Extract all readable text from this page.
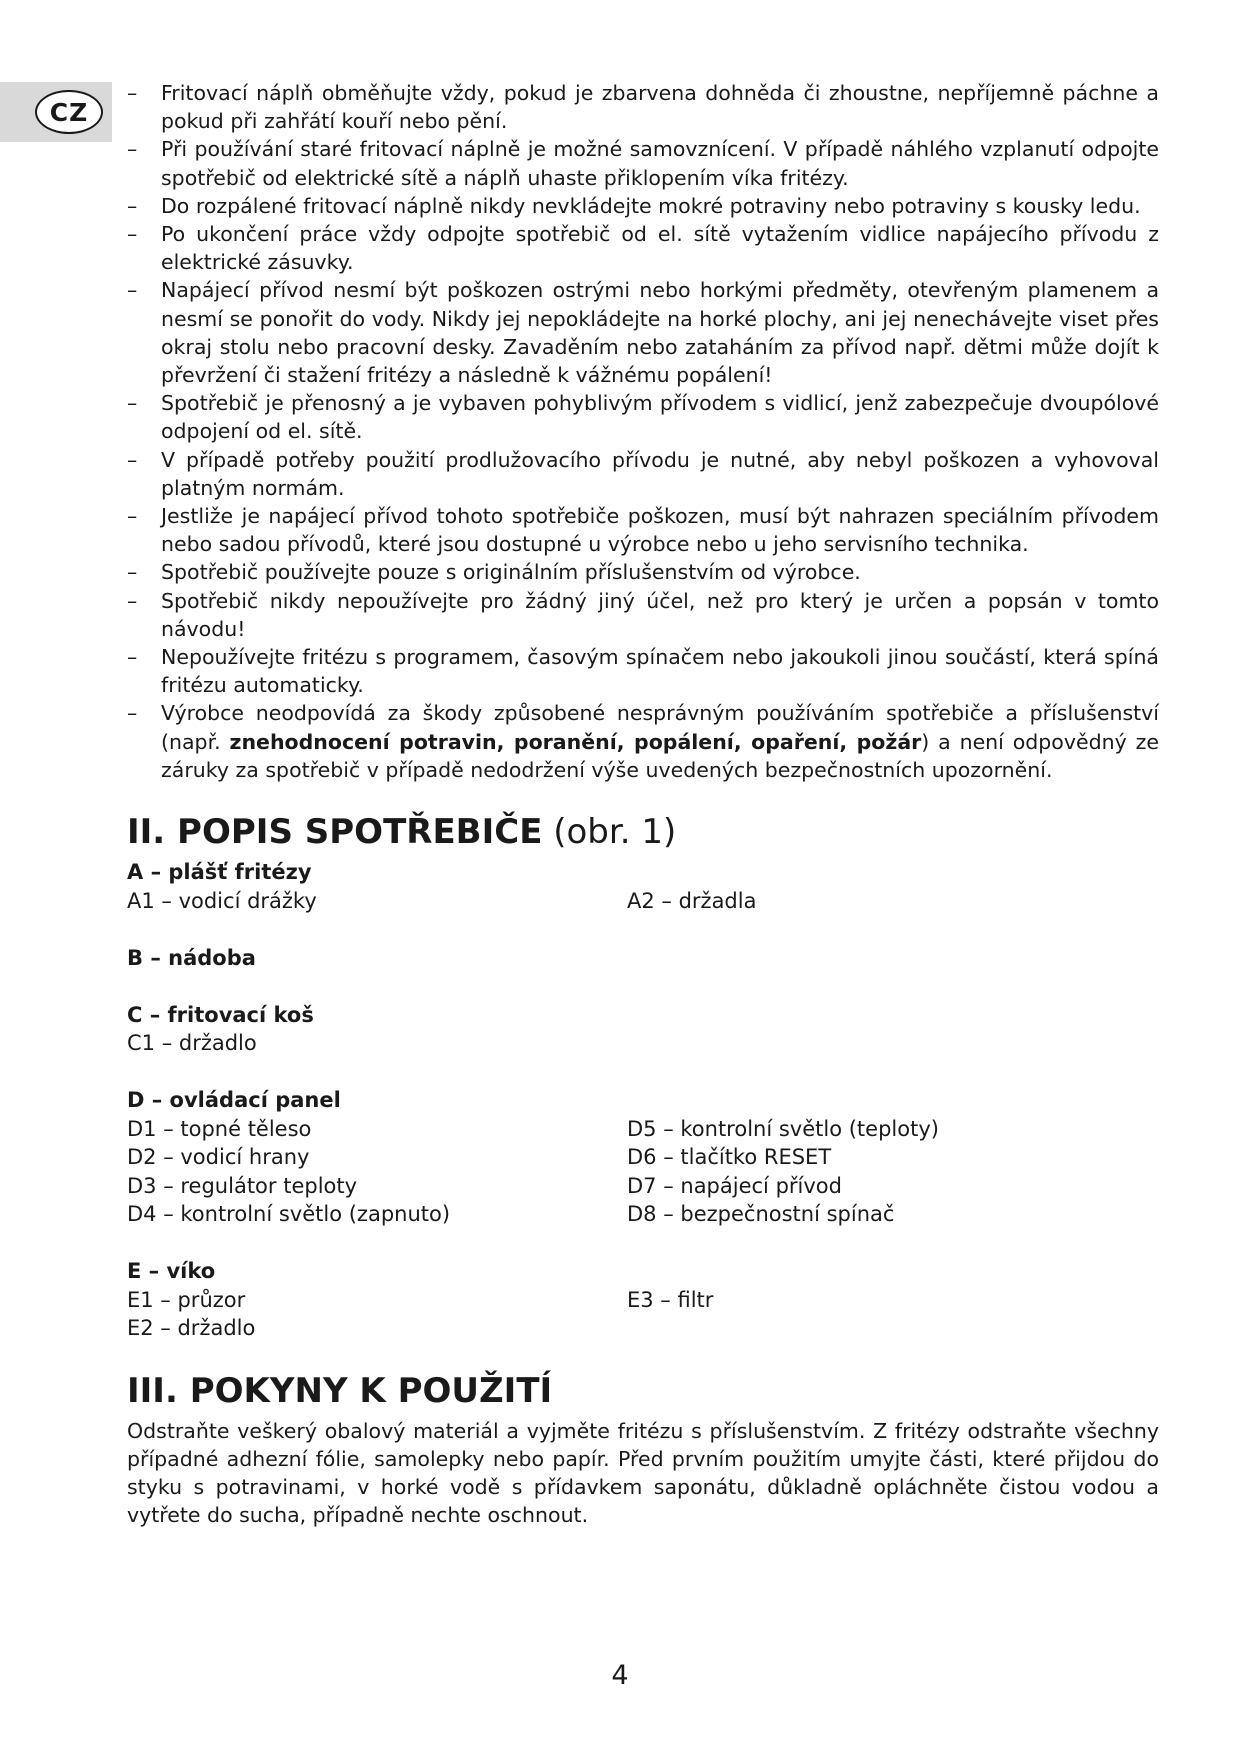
CZ
– Fritovací náplň obměňujte vždy, pokud je zbarvena dohněda či zhoustne, nepříjemně páchne a pokud při zahřátí kouří nebo pění.
– Při používání staré fritovací náplně je možné samovznícení. V případě náhlého vzplanutí odpojte spotřebič od elektrické sítě a náplň uhaste přiklopením víka fritézy.
– Do rozpálené fritovací náplně nikdy nevkládejte mokré potraviny nebo potraviny s kousky ledu.
– Po ukončení práce vždy odpojte spotřebič od el. sítě vytažením vidlice napájecího přívodu z elektrické zásuvky.
– Napájecí přívod nesmí být poškozen ostrými nebo horkými předměty, otevřeným plamenem a nesmí se ponořit do vody. Nikdy jej nepokládejte na horké plochy, ani jej nenechávejte viset přes okraj stolu nebo pracovní desky. Zavaděním nebo zataháním za přívod např. dětmi může dojít k převržení či stažení fritézy a následně k vážnému popálení!
– Spotřebič je přenosný a je vybaven pohyblivým přívodem s vidlicí, jenž zabezpečuje dvoupólové odpojení od el. sítě.
– V případě potřeby použití prodlužovacího přívodu je nutné, aby nebyl poškozen a vyhovoval platným normám.
– Jestliže je napájecí přívod tohoto spotřebiče poškozen, musí být nahrazen speciálním přívodem nebo sadou přívodů, které jsou dostupné u výrobce nebo u jeho servisního technika.
– Spotřebič používejte pouze s originálním příslušenstvím od výrobce.
– Spotřebič nikdy nepoužívejte pro žádný jiný účel, než pro který je určen a popsán v tomto návodu!
– Nepoužívejte fritézu s programem, časovým spínačem nebo jakoukoli jinou součástí, která spíná fritézu automaticky.
– Výrobce neodpovídá za škody způsobené nesprávným používáním spotřebiče a příslušenství (např. znehodnocení potravin, poranění, popálení, opaření, požár) a není odpovědný ze záruky za spotřebič v případě nedodržení výše uvedených bezpečnostních upozornění.
II. POPIS SPOTŘEBIČE (obr. 1)
A – plášť fritézy
A1 – vodicí drážky	A2 – držadla
B – nádoba
C – fritovací koš
C1 – držadlo
D – ovládací panel
D1 – topné těleso	D5 – kontrolní světlo (teploty)
D2 – vodicí hrany	D6 – tlačítko RESET
D3 – regulátor teploty	D7 – napájecí přívod
D4 – kontrolní světlo (zapnuto)	D8 – bezpečnostní spínač
E – víko
E1 – průzor	E3 – filtr
E2 – držadlo
III. POKYNY K POUŽITÍ

Odstraňte veškerý obalový materiál a vyjměte fritézu s příslušenstvím. Z fritézy odstraňte všechny případné adhezní fólie, samolepky nebo papír. Před prvním použitím umyjte části, které přijdou do styku s potravinami, v horké vodě s přídavkem saponátu, důkladně opláchněte čistou vodou a vytřete do sucha, případně nechte oschnout.

4
